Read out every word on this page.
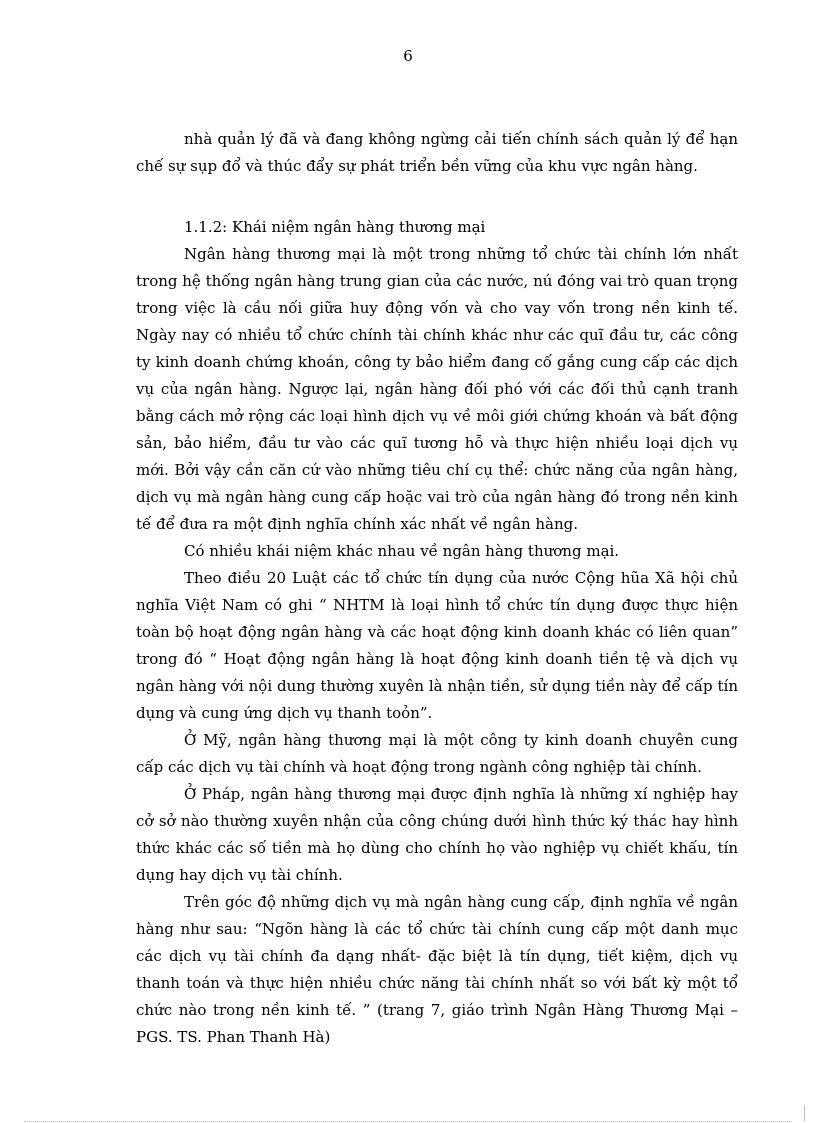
6

nhà quản lý đã và đang không ngừng cải tiến chính sách quản lý để hạn chế sự sụp đổ và thúc đẩy sự phát triển bền vững của khu vực ngân hàng.

1.1.2: Khái niệm ngân hàng thương mại

Ngân hàng thương mại là một trong những tổ chức tài chính lớn nhất trong hệ thống ngân hàng trung gian của các nước, nú đóng vai trò quan trọng trong việc là cầu nối giữa huy động vốn và cho vay vốn trong nền kinh tế. Ngày nay có nhiều tổ chức chính tài chính khác như các quĩ đầu tư, các công ty kinh doanh chứng khoán, công ty bảo hiểm đang cố gắng cung cấp các dịch vụ của ngân hàng. Ngược lại, ngân hàng đối phó với các đối thủ cạnh tranh bằng cách mở rộng các loại hình dịch vụ về môi giới chứng khoán và bất động sản, bảo hiểm, đầu tư vào các quĩ tương hỗ và thực hiện nhiều loại dịch vụ mới. Bởi vậy cần căn cứ vào những tiêu chí cụ thể: chức năng của ngân hàng, dịch vụ mà ngân hàng cung cấp hoặc vai trò của ngân hàng đó trong nền kinh tế để đưa ra một định nghĩa chính xác nhất về ngân hàng.

Có nhiều khái niệm khác nhau về ngân hàng thương mại.

Theo điều 20 Luật các tổ chức tín dụng của nước Cộng hũa Xã hội chủ nghĩa Việt Nam có ghi “ NHTM là loại hình tổ chức tín dụng được thực hiện toàn bộ hoạt động ngân hàng và các hoạt động kinh doanh khác có liên quan” trong đó “ Hoạt động ngân hàng là hoạt động kinh doanh tiền tệ và dịch vụ ngân hàng với nội dung thường xuyên là nhận tiền, sử dụng tiền này để cấp tín dụng và cung ứng dịch vụ thanh toỏn”.

Ở Mỹ, ngân hàng thương mại là một công ty kinh doanh chuyên cung cấp các dịch vụ tài chính và hoạt động trong ngành công nghiệp tài chính.

Ở Pháp, ngân hàng thương mại được định nghĩa là những xí nghiệp hay cở sở nào thường xuyên nhận của công chúng dưới hình thức ký thác hay hình thức khác các số tiền mà họ dùng cho chính họ vào nghiệp vụ chiết khấu, tín dụng hay dịch vụ tài chính.

Trên góc độ những dịch vụ mà ngân hàng cung cấp, định nghĩa về ngân hàng như sau: “Ngõn hàng là các tổ chức tài chính cung cấp một danh mục các dịch vụ tài chính đa dạng nhất- đặc biệt là tín dụng, tiết kiệm, dịch vụ thanh toán và thực hiện nhiều chức năng tài chính nhất so với bất kỳ một tổ chức nào trong nền kinh tế. ” (trang 7, giáo trình Ngân Hàng Thương Mại – PGS. TS. Phan Thanh Hà)
